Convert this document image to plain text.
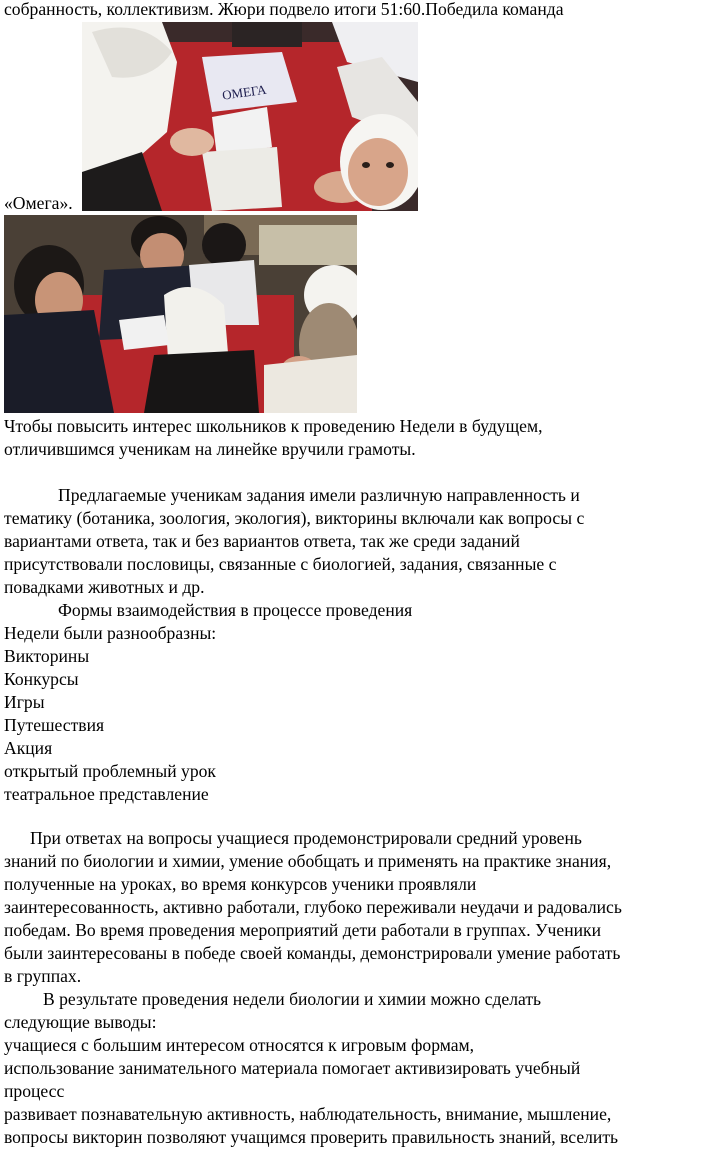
собранность, коллективизм. Жюри подвело итоги 51:60.Победила команда
ОМЕГА
«Омега».
Чтобы повысить интерес школьников к проведению Недели в будущем,
отличившимся ученикам на линейке вручили грамоты.
Предлагаемые ученикам задания имели различную направленность и
тематику (ботаника, зоология, экология), викторины включали как вопросы с
вариантами ответа, так и без вариантов ответа, так же среди заданий
присутствовали пословицы, связанные с биологией, задания, связанные с
повадками животных и др.
Формы взаимодействия в процессе проведения
Недели были разнообразны:
Викторины
Конкурсы
Игры
Путешествия
Акция
открытый проблемный урок
театральное представление
При ответах на вопросы учащиеся продемонстрировали средний уровень
знаний по биологии и химии, умение обобщать и применять на практике знания,
полученные на уроках, во время конкурсов ученики проявляли
заинтересованность, активно работали, глубоко переживали неудачи и радовались
победам. Во время проведения мероприятий дети работали в группах. Ученики
были заинтересованы в победе своей команды, демонстрировали умение работать
в группах.
В результате проведения недели биологии и химии можно сделать
следующие выводы:
учащиеся с большим интересом относятся к игровым формам,
использование занимательного материала помогает активизировать учебный
процесс
развивает познавательную активность, наблюдательность, внимание, мышление,
вопросы викторин позволяют учащимся проверить правильность знаний, вселить
